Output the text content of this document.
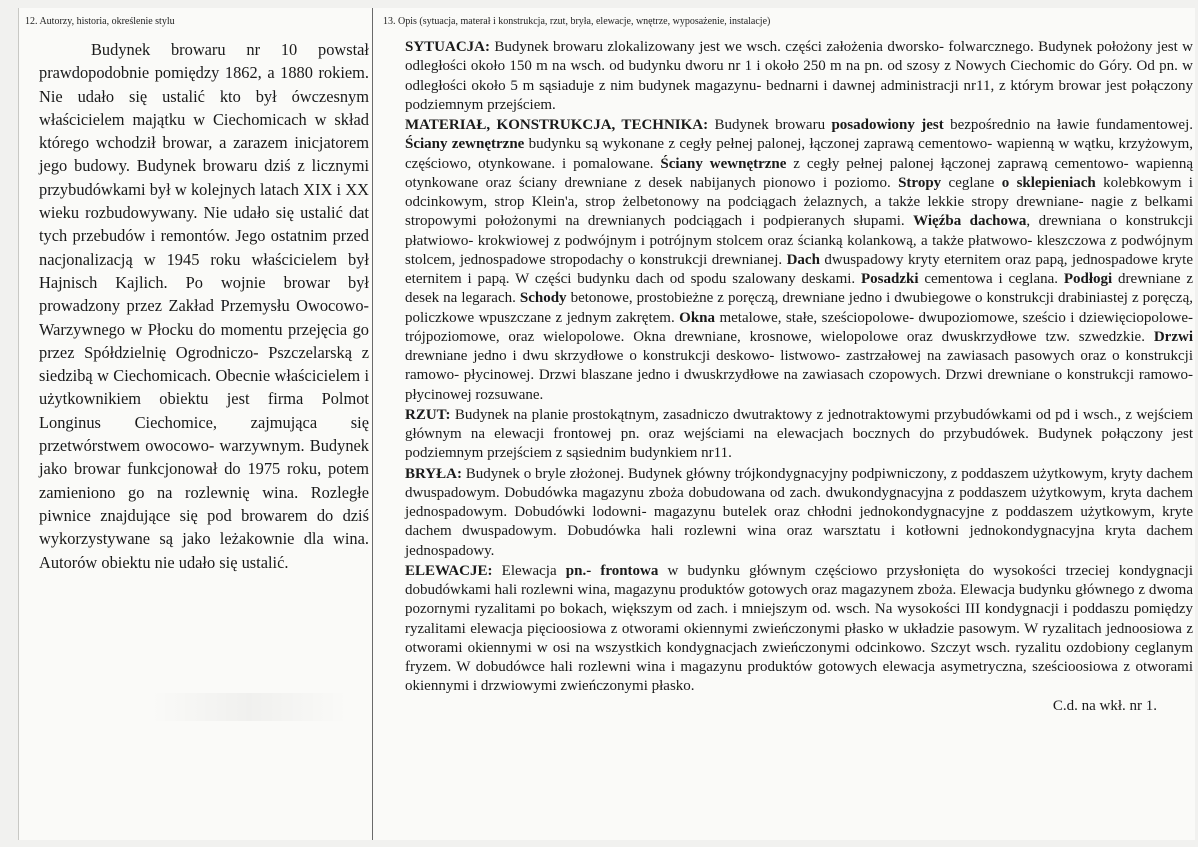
12. Autorzy, historia, określenie stylu

Budynek browaru nr 10 powstał prawdopodobnie pomiędzy 1862, a 1880 rokiem. Nie udało się ustalić kto był ówczesnym właścicielem majątku w Ciechomicach w skład którego wchodził browar, a zarazem inicjatorem jego budowy. Budynek browaru dziś z licznymi przybudówkami był w kolejnych latach XIX i XX wieku rozbudowywany. Nie udało się ustalić dat tych przebudów i remontów. Jego ostatnim przed nacjonalizacją w 1945 roku właścicielem był Hajnisch Kajlich. Po wojnie browar był prowadzony przez Zakład Przemysłu Owocowo- Warzywnego w Płocku do momentu przejęcia go przez Spółdzielnię Ogrodniczo- Pszczelarską z siedzibą w Ciechomicach. Obecnie właścicielem i użytkownikiem obiektu jest firma Polmot Longinus Ciechomice, zajmująca się przetwórstwem owocowo- warzywnym. Budynek jako browar funkcjonował do 1975 roku, potem zamieniono go na rozlewnię wina. Rozległe piwnice znajdujące się pod browarem do dziś wykorzystywane są jako leżakownie dla wina. Autorów obiektu nie udało się ustalić.

13. Opis (sytuacja, materał i konstrukcja, rzut, bryła, elewacje, wnętrze, wyposażenie, instalacje)

SYTUACJA: Budynek browaru zlokalizowany jest we wsch. części założenia dworsko- folwarcznego. Budynek położony jest w odległości około 150 m na wsch. od budynku dworu nr 1 i około 250 m na pn. od szosy z Nowych Ciechomic do Góry. Od pn. w odległości około 5 m sąsiaduje z nim budynek magazynu- bednarni i dawnej administracji nr11, z którym browar jest połączony podziemnym przejściem.

MATERIAŁ, KONSTRUKCJA, TECHNIKA: Budynek browaru posadowiony jest bezpośrednio na ławie fundamentowej. Ściany zewnętrzne budynku są wykonane z cegły pełnej palonej, łączonej zaprawą cementowo- wapienną w wątku, krzyżowym, częściowo, otynkowane. i pomalowane. Ściany wewnętrzne z cegły pełnej palonej łączonej zaprawą cementowo- wapienną otynkowane oraz ściany drewniane z desek nabijanych pionowo i poziomo. Stropy ceglane o sklepieniach kolebkowym i odcinkowym, strop Klein'a, strop żelbetonowy na podciągach żelaznych, a także lekkie stropy drewniane- nagie z belkami stropowymi położonymi na drewnianych podciągach i podpieranych słupami. Więźba dachowa, drewniana o konstrukcji płatwiowo- krokwiowej z podwójnym i potrójnym stolcem oraz ścianką kolankową, a także płatwowo- kleszczowa z podwójnym stolcem, jednospadowe stropodachy o konstrukcji drewnianej. Dach dwuspadowy kryty eternitem oraz papą, jednospadowe kryte eternitem i papą. W części budynku dach od spodu szalowany deskami. Posadzki cementowa i ceglana. Podłogi drewniane z desek na legarach. Schody betonowe, prostobieżne z poręczą, drewniane jedno i dwubiegowe o konstrukcji drabiniastej z poręczą, policzkowe wpuszczane z jednym zakrętem. Okna metalowe, stałe, sześciopolowe- dwupoziomowe, sześcio i dziewięciopolowe- trójpoziomowe, oraz wielopolowe. Okna drewniane, krosnowe, wielopolowe oraz dwuskrzydłowe tzw. szwedzkie. Drzwi drewniane jedno i dwu skrzydłowe o konstrukcji deskowo- listwowo- zastrzałowej na zawiasach pasowych oraz o konstrukcji ramowo- płycinowej. Drzwi blaszane jedno i dwuskrzydłowe na zawiasach czopowych. Drzwi drewniane o konstrukcji ramowo- płycinowej rozsuwane.

RZUT: Budynek na planie prostokątnym, zasadniczo dwutraktowy z jednotraktowymi przybudówkami od pd i wsch., z wejściem głównym na elewacji frontowej pn. oraz wejściami na elewacjach bocznych do przybudówek. Budynek połączony jest podziemnym przejściem z sąsiednim budynkiem nr11.

BRYŁA: Budynek o bryle złożonej. Budynek główny trójkondygnacyjny podpiwniczony, z poddaszem użytkowym, kryty dachem dwuspadowym. Dobudówka magazynu zboża dobudowana od zach. dwukondygnacyjna z poddaszem użytkowym, kryta dachem jednospadowym. Dobudówki lodowni- magazynu butelek oraz chłodni jednokondygnacyjne z poddaszem użytkowym, kryte dachem dwuspadowym. Dobudówka hali rozlewni wina oraz warsztatu i kotłowni jednokondygnacyjna kryta dachem jednospadowy.

ELEWACJE: Elewacja pn.- frontowa w budynku głównym częściowo przysłonięta do wysokości trzeciej kondygnacji dobudówkami hali rozlewni wina, magazynu produktów gotowych oraz magazynem zboża. Elewacja budynku głównego z dwoma pozornymi ryzalitami po bokach, większym od zach. i mniejszym od. wsch. Na wysokości III kondygnacji i poddaszu pomiędzy ryzalitami elewacja pięcioosiowa z otworami okiennymi zwieńczonymi płasko w układzie pasowym. W ryzalitach jednoosiowa z otworami okiennymi w osi na wszystkich kondygnacjach zwieńczonymi odcinkowo. Szczyt wsch. ryzalitu ozdobiony ceglanym fryzem. W dobudówce hali rozlewni wina i magazynu produktów gotowych elewacja asymetryczna, sześcioosiowa z otworami okiennymi i drzwiowymi zwieńczonymi płasko.

C.d. na wkł. nr 1.
